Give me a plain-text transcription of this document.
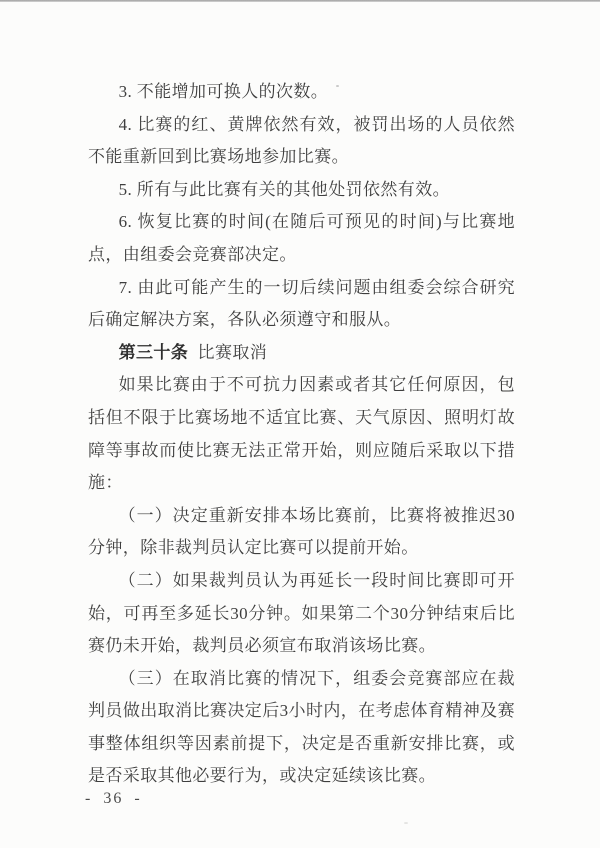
3. 不能增加可换人的次数。

4. 比赛的红、黄牌依然有效，被罚出场的人员依然不能重新回到比赛场地参加比赛。

5. 所有与此比赛有关的其他处罚依然有效。

6. 恢复比赛的时间(在随后可预见的时间)与比赛地点，由组委会竞赛部决定。

7. 由此可能产生的一切后续问题由组委会综合研究后确定解决方案，各队必须遵守和服从。

第三十条 比赛取消

如果比赛由于不可抗力因素或者其它任何原因，包括但不限于比赛场地不适宜比赛、天气原因、照明灯故障等事故而使比赛无法正常开始，则应随后采取以下措施：

（一）决定重新安排本场比赛前，比赛将被推迟30分钟，除非裁判员认定比赛可以提前开始。

（二）如果裁判员认为再延长一段时间比赛即可开始，可再至多延长30分钟。如果第二个30分钟结束后比赛仍未开始，裁判员必须宣布取消该场比赛。

（三）在取消比赛的情况下，组委会竞赛部应在裁判员做出取消比赛决定后3小时内，在考虑体育精神及赛事整体组织等因素前提下，决定是否重新安排比赛，或是否采取其他必要行为，或决定延续该比赛。

- 36 -
